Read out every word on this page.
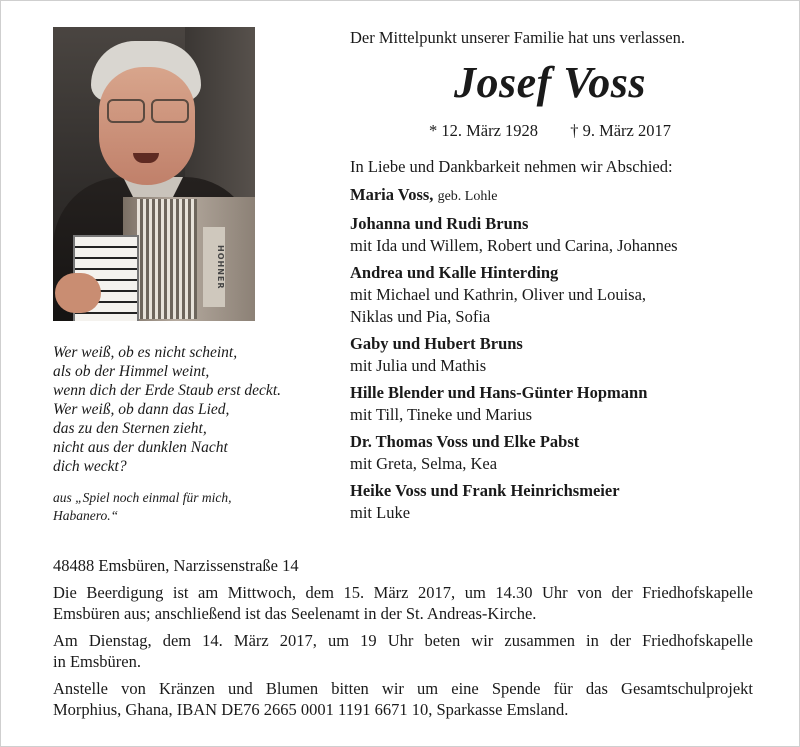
HOHNER
Wer weiß, ob es nicht scheint,
als ob der Himmel weint,
wenn dich der Erde Staub erst deckt.
Wer weiß, ob dann das Lied,
das zu den Sternen zieht,
nicht aus der dunklen Nacht
dich weckt?
aus „Spiel noch einmal für mich,
Habanero.“
Der Mittelpunkt unserer Familie hat uns verlassen.
Josef Voss
* 12. März 1928 † 9. März 2017
In Liebe und Dankbarkeit nehmen wir Abschied:
Maria Voss, geb. Lohle
Johanna und Rudi Bruns
mit Ida und Willem, Robert und Carina, Johannes
Andrea und Kalle Hinterding
mit Michael und Kathrin, Oliver und Louisa,
Niklas und Pia, Sofia
Gaby und Hubert Bruns
mit Julia und Mathis
Hille Blender und Hans-Günter Hopmann
mit Till, Tineke und Marius
Dr. Thomas Voss und Elke Pabst
mit Greta, Selma, Kea
Heike Voss und Frank Heinrichsmeier
mit Luke
48488 Emsbüren, Narzissenstraße 14

Die Beerdigung ist am Mittwoch, dem 15. März 2017, um 14.30 Uhr von der Friedhofskapelle
Emsbüren aus; anschließend ist das Seelenamt in der St. Andreas-Kirche.

Am Dienstag, dem 14. März 2017, um 19 Uhr beten wir zusammen in der Friedhofskapelle
in Emsbüren.

Anstelle von Kränzen und Blumen bitten wir um eine Spende für das Gesamtschulprojekt
Morphius, Ghana, IBAN DE76 2665 0001 1191 6671 10, Sparkasse Emsland.
